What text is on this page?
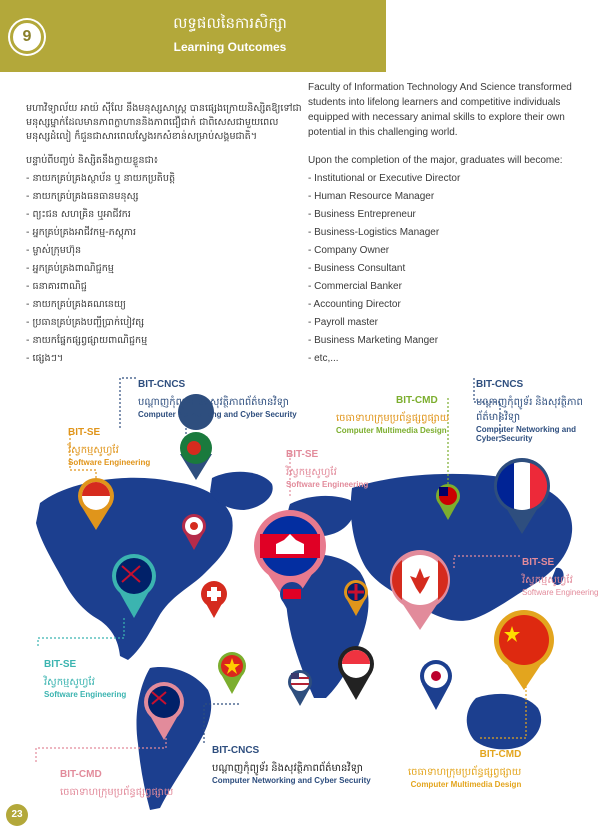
9
លទ្ធផលនៃការសិក្សា
Learning Outcomes

មហាវិទ្យាល័យ អាយ៉ ស៊ីលែ នឹងមនុស្សសាស្ត្រ បានផ្សេងក្រោយនិស្សិតឱ្យទៅជាមនុស្សម្នាក់ដែលមានភាពក្លាហាននិងភាពជឿជាក់ ជាពិសេសជាមួយពេលមនុស្សដំលៀ ក៏ជួនជាសារពេលស្វែងរកសំខាន់សម្រាប់សង្គមជាតិ។

បន្ទាប់ពីបញ្ចប់ និស្សិតនឹងក្លាយខ្លួនជា៖
- នាយកគ្រប់គ្រងស្ថាប័ន ឬ នាយកប្រតិបត្តិ
- នាយកគ្រប់គ្រងធនធានមនុស្ស
- ព្យះជន សហគ្រិន ឬអាជីវករ
- អ្នកគ្រប់គ្រងអាជីវកម្ម-ភស្តុភារ
- ម្ចាស់ក្រុមហ៊ុន
- អ្នកគ្រប់គ្រងពាណិជ្ជកម្ម
- ធនាគារពាណិជ្ជ
- នាយកគ្រប់គ្រងគណនេយ្យ
- ប្រធានគ្រប់គ្រងបញ្ជីប្រាក់បៀវត្ស
- នាយកផ្នែកផ្សព្វផ្សាយពាណិជ្ជកម្ម
- ផ្សេងៗ។

Faculty of Information Technology And Science transformed students into lifelong learners and competitive individuals equipped with necessary animal skills to explore their own potential in this challenging world.

Upon the completion of the major, graduates will become:
- Institutional or Executive Director
- Human Resource Manager
- Business Entrepreneur
- Business-Logistics Manager
- Company Owner
- Business Consultant
- Commercial Banker
- Accounting Director
- Payroll master
- Business Marketing Manger
- etc,...
BIT-CNCS
បណ្ដាញកុំព្យូទ័រ និងសុវត្ថិភាពព័ត៌មានវិទ្យា
Computer Networking and Cyber Security
BIT-SE
វិស្វកម្មសូហ្វវែ
Software Engineering
BIT-CMD
ចេធាទាហក្រុមប្រព័ន្ធផ្សព្វផ្សាយ
Computer Multimedia Design
BIT-CNCS
បណ្ដាញកុំព្យូទ័រ និងសុវត្ថិភាពព័ត៌មានវិទ្យា
Computer Networking and Cyber Security
BIT-SE
វិស្វកម្មសូហ្វវែ
Software Engineering
BIT-SE
វិស្វកម្មសូហ្វវែ
Software Engineering
BIT-SE
វិស្វកម្មសូហ្វវែ
Software Engineering
BIT-CNCS
បណ្ដាញកុំព្យូទ័រ និងសុវត្ថិភាពព័ត៌មានវិទ្យា
Computer Networking and Cyber Security
BIT-CMD
ចេធាទាហក្រុមប្រព័ន្ធផ្សព្វផ្សាយ
BIT-CMD
ចេធាទាហក្រុមប្រព័ន្ធផ្សព្វផ្សាយ
Computer Multimedia Design
23
